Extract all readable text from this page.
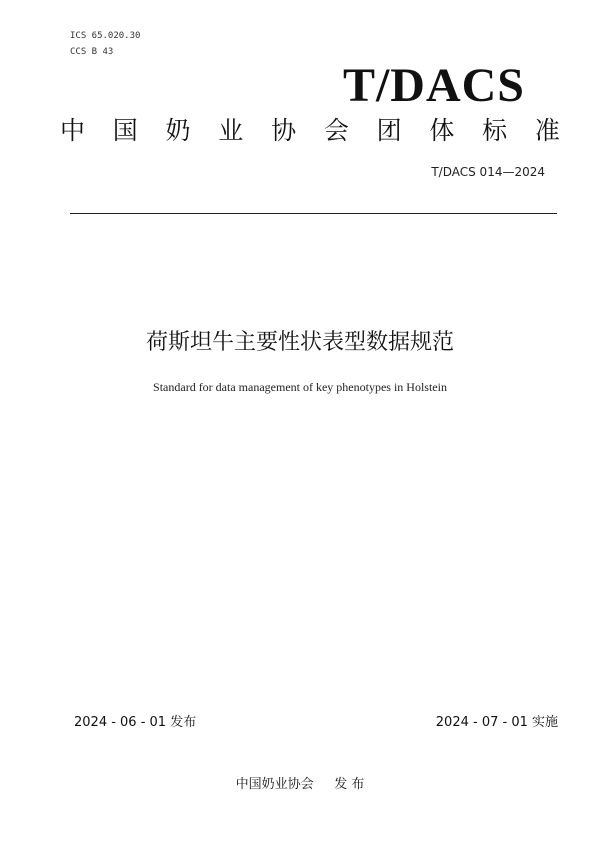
ICS 65.020.30
CCS B 43
T/DACS
中 国 奶 业 协 会 团 体 标 准
T/DACS 014—2024
荷斯坦牛主要性状表型数据规范
Standard for data management of key phenotypes in Holstein
2024 - 06 - 01 发布	2024 - 07 - 01 实施
中国奶业协会     发 布
